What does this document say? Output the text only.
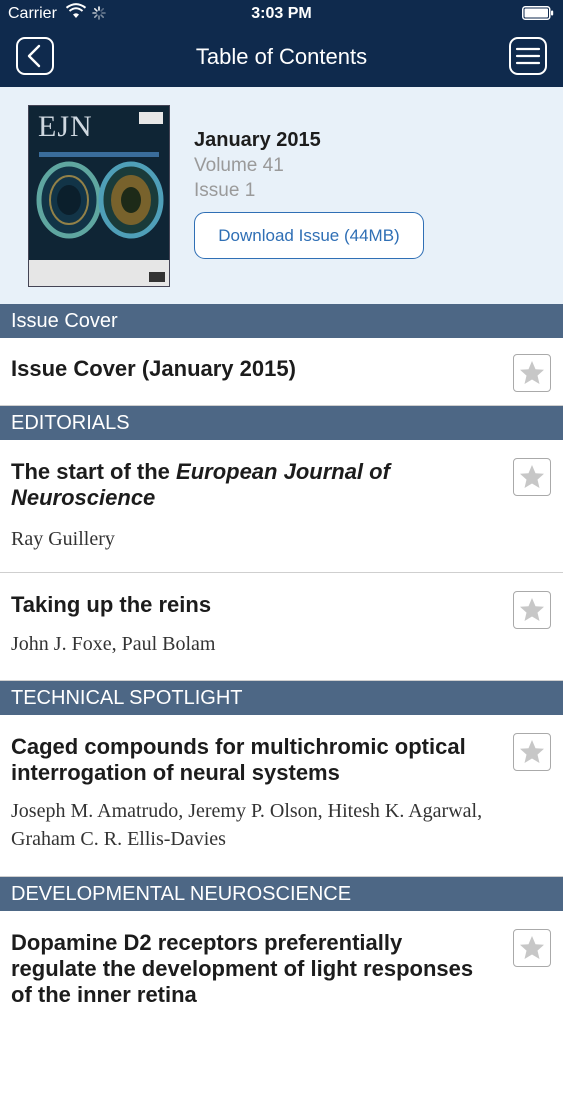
Carrier	3:03 PM
Table of Contents
EJN	January 2015
Volume 41
Issue 1
Download Issue (44MB)
Issue Cover
Issue Cover (January 2015)
EDITORIALS
The start of the European Journal of Neuroscience
Ray Guillery
Taking up the reins
John J. Foxe, Paul Bolam
TECHNICAL SPOTLIGHT
Caged compounds for multichromic optical interrogation of neural systems
Joseph M. Amatrudo, Jeremy P. Olson, Hitesh K. Agarwal, Graham C. R. Ellis-Davies
DEVELOPMENTAL NEUROSCIENCE
Dopamine D2 receptors preferentially regulate the development of light responses of the inner retina
